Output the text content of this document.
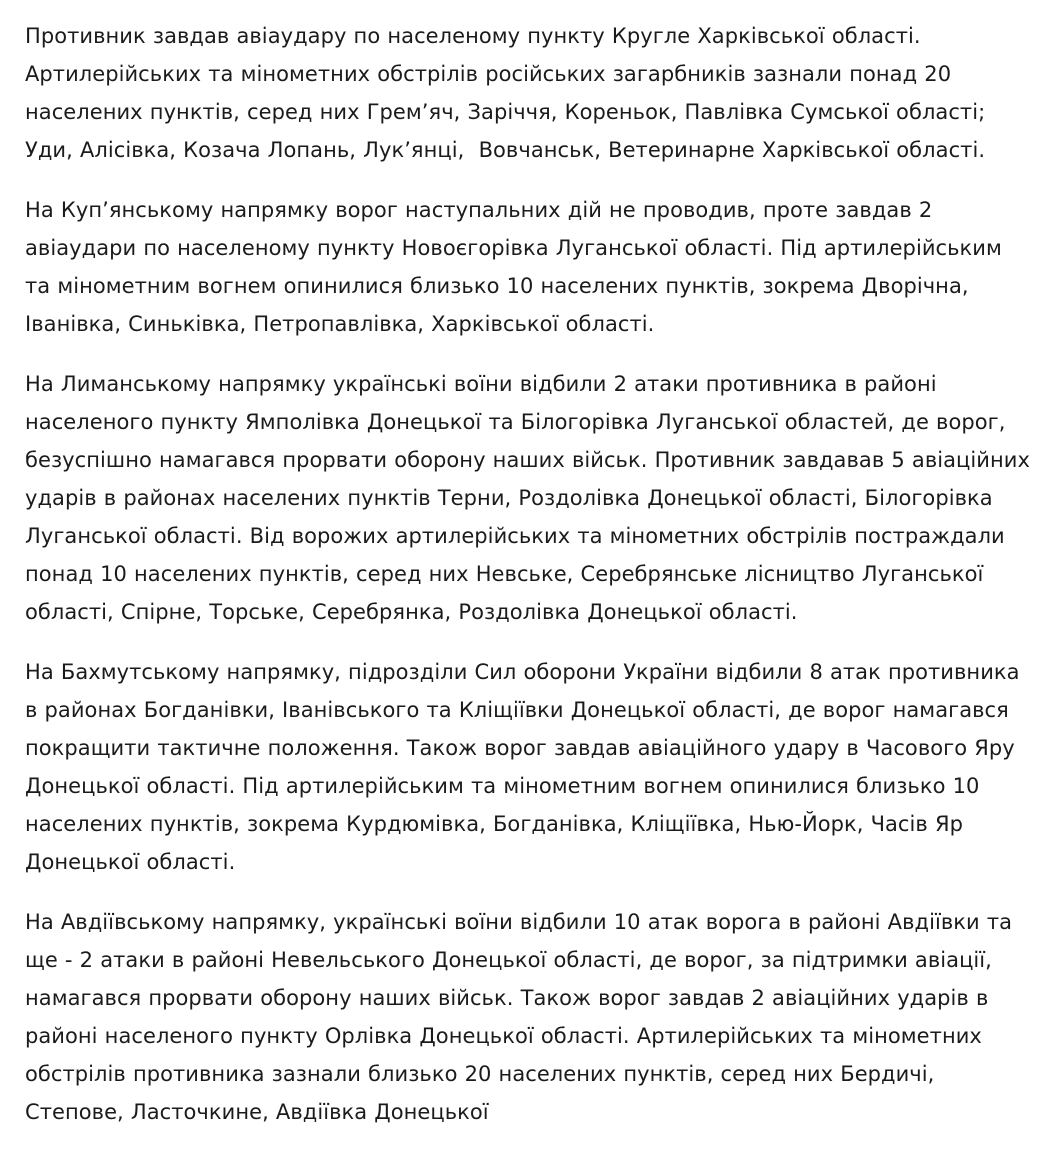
Противник завдав авіаудару по населеному пункту Кругле Харківської області. Артилерійських та мінометних обстрілів російських загарбників зазнали понад 20 населених пунктів, серед них Грем’яч, Заріччя, Кореньок, Павлівка Сумської області; Уди, Алісівка, Козача Лопань, Лук’янці,  Вовчанськ, Ветеринарне Харківської області.

На Куп’янському напрямку ворог наступальних дій не проводив, проте завдав 2 авіаудари по населеному пункту Новоєгорівка Луганської області. Під артилерійським та мінометним вогнем опинилися близько 10 населених пунктів, зокрема Дворічна, Іванівка, Синьківка, Петропавлівка, Харківської області.

На Лиманському напрямку українські воїни відбили 2 атаки противника в районі населеного пункту Ямполівка Донецької та Білогорівка Луганської областей, де ворог, безуспішно намагався прорвати оборону наших військ. Противник завдавав 5 авіаційних ударів в районах населених пунктів Терни, Роздолівка Донецької області, Білогорівка Луганської області. Від ворожих артилерійських та мінометних обстрілів постраждали понад 10 населених пунктів, серед них Невське, Серебрянське лісництво Луганської області, Спірне, Торське, Серебрянка, Роздолівка Донецької області.

На Бахмутському напрямку, підрозділи Сил оборони України відбили 8 атак противника в районах Богданівки, Іванівського та Кліщіївки Донецької області, де ворог намагався покращити тактичне положення. Також ворог завдав авіаційного удару в Часового Яру Донецької області. Під артилерійським та мінометним вогнем опинилися близько 10 населених пунктів, зокрема Курдюмівка, Богданівка, Кліщіївка, Нью-Йорк, Часів Яр Донецької області.

На Авдіївському напрямку, українські воїни відбили 10 атак ворога в районі Авдіївки та ще - 2 атаки в районі Невельського Донецької області, де ворог, за підтримки авіації, намагався прорвати оборону наших військ. Також ворог завдав 2 авіаційних ударів в районі населеного пункту Орлівка Донецької області. Артилерійських та мінометних обстрілів противника зазнали близько 20 населених пунктів, серед них Бердичі, Степове, Ласточкине, Авдіївка Донецької
